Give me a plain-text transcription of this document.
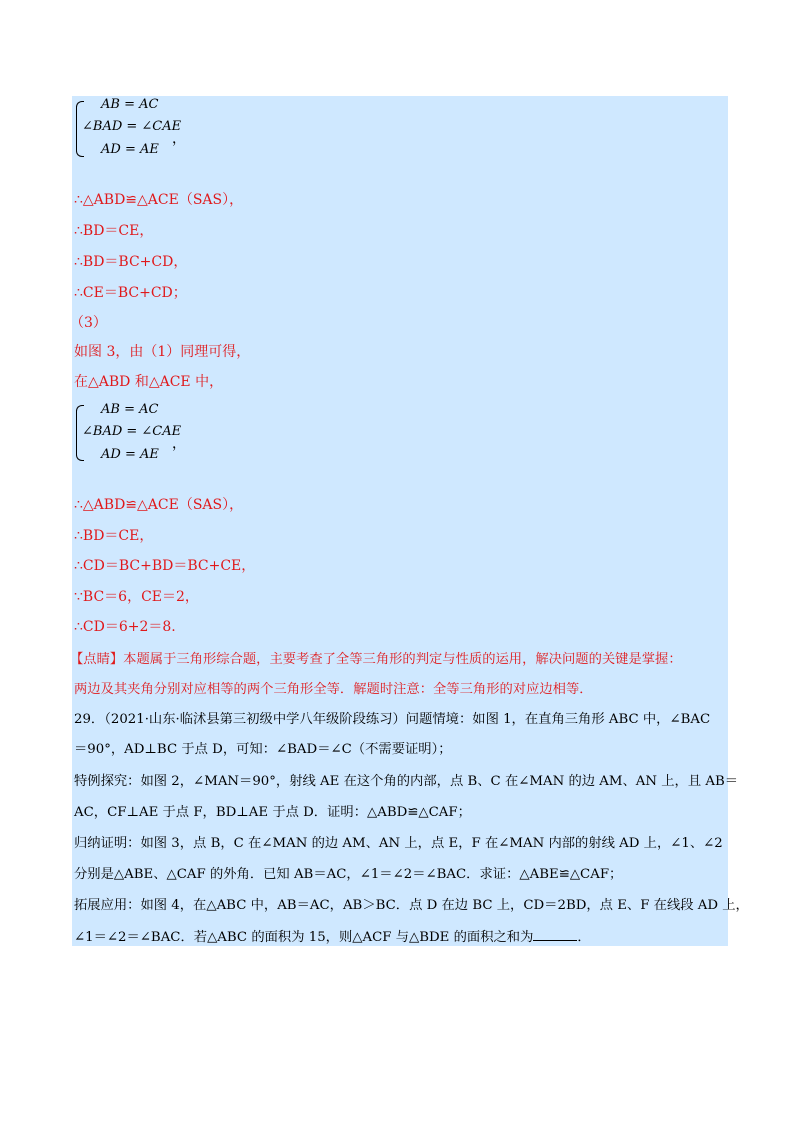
AB = AC
∠BAD = ∠CAE
AD = AE
，
∴△ABD≌△ACE（SAS），
∴BD＝CE，
∴BD＝BC+CD，
∴CE＝BC+CD；
（3）
如图 3，由（1）同理可得，
在△ABD 和△ACE 中，
AB = AC
∠BAD = ∠CAE
AD = AE
，
∴△ABD≌△ACE（SAS），
∴BD＝CE，
∴CD＝BC+BD＝BC+CE，
∵BC＝6，CE＝2，
∴CD＝6+2＝8.
【点睛】本题属于三角形综合题，主要考查了全等三角形的判定与性质的运用，解决问题的关键是掌握：
两边及其夹角分别对应相等的两个三角形全等．解题时注意：全等三角形的对应边相等．
29．（2021·山东·临沭县第三初级中学八年级阶段练习）问题情境：如图 1，在直角三角形 ABC 中，∠BAC
＝90°，AD⊥BC 于点 D，可知：∠BAD＝∠C（不需要证明）；
特例探究：如图 2，∠MAN＝90°，射线 AE 在这个角的内部，点 B、C 在∠MAN 的边 AM、AN 上，且 AB＝
AC，CF⊥AE 于点 F，BD⊥AE 于点 D．证明：△ABD≌△CAF；
归纳证明：如图 3，点 B，C 在∠MAN 的边 AM、AN 上，点 E，F 在∠MAN 内部的射线 AD 上，∠1、∠2
分别是△ABE、△CAF 的外角．已知 AB＝AC，∠1＝∠2＝∠BAC．求证：△ABE≌△CAF；
拓展应用：如图 4，在△ABC 中，AB＝AC，AB＞BC．点 D 在边 BC 上，CD＝2BD，点 E、F 在线段 AD 上，
∠1＝∠2＝∠BAC．若△ABC 的面积为 15，则△ACF 与△BDE 的面积之和为	．
